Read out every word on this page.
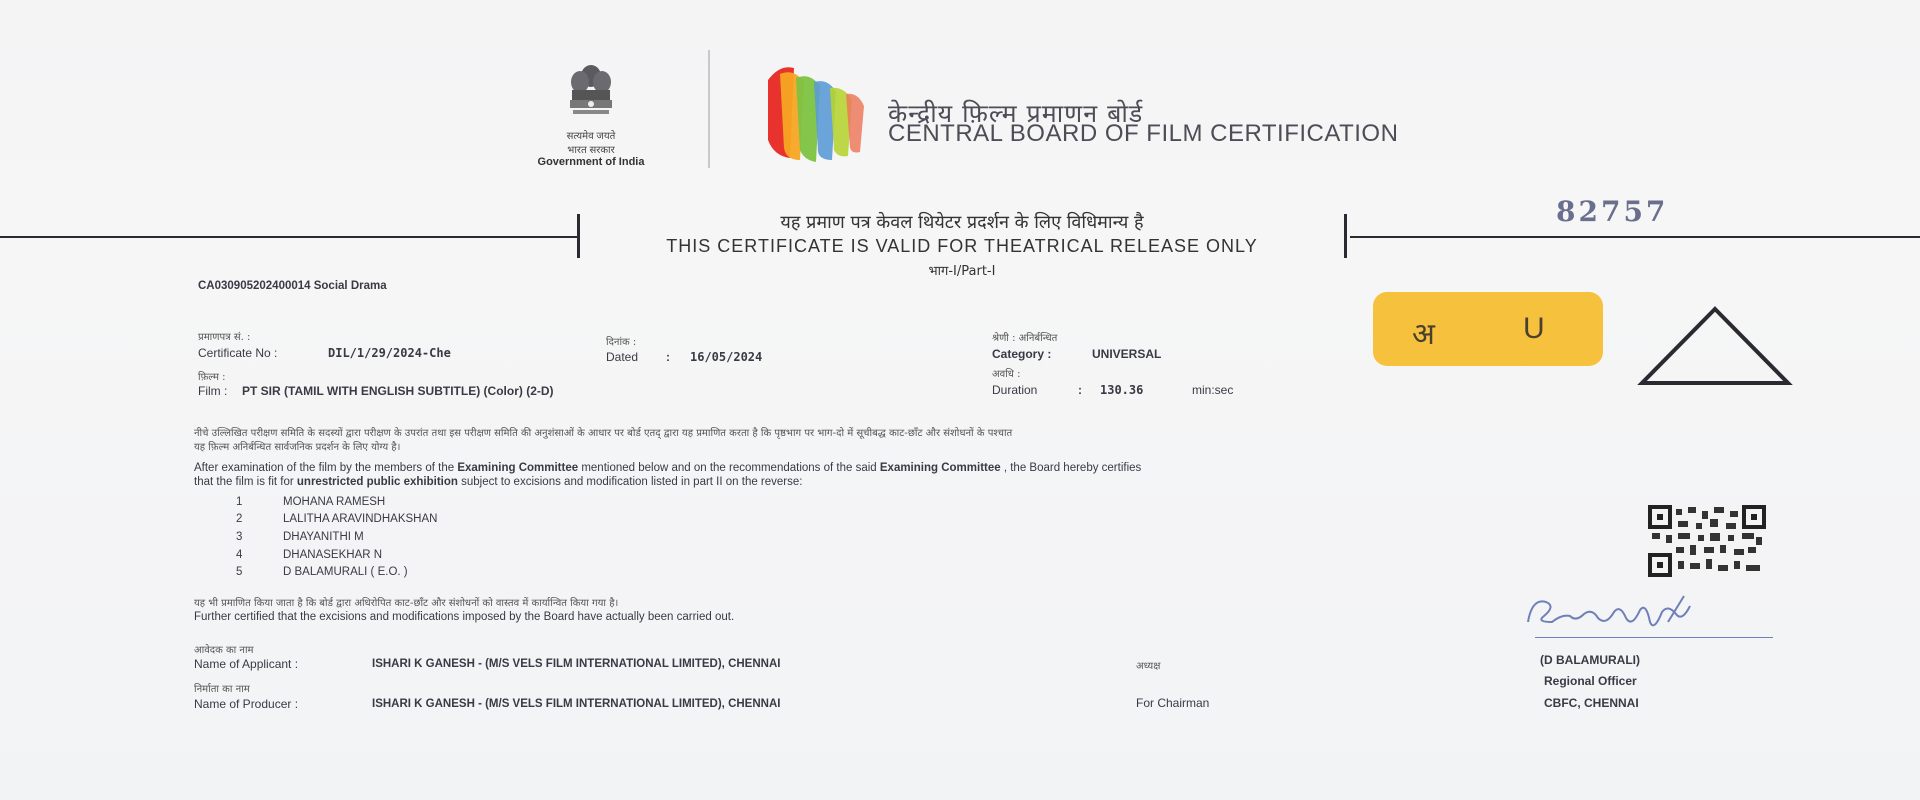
सत्यमेव जयते
भारत सरकार
Government of India
केन्द्रीय फ़िल्म प्रमाणन बोर्ड
CENTRAL BOARD OF FILM CERTIFICATION
82757
यह प्रमाण पत्र केवल थियेटर प्रदर्शन के लिए विधिमान्य है
THIS CERTIFICATE IS VALID FOR THEATRICAL RELEASE ONLY
भाग-I/Part-I
CA030905202400014 Social Drama
प्रमाणपत्र सं. :
Certificate No :	DIL/1/29/2024-Che
दिनांक :
Dated : 16/05/2024
श्रेणी : अनिर्बन्धित
Category :	UNIVERSAL
फ़िल्म :
Film : PT SIR (TAMIL WITH ENGLISH SUBTITLE) (Color) (2-D)
अवधि :
Duration	: 130.36	min:sec
अ	U
नीचे उल्लिखित परीक्षण समिति के सदस्यों द्वारा परीक्षण के उपरांत तथा इस परीक्षण समिति की अनुशंसाओं के आधार पर बोर्ड एतद् द्वारा यह प्रमाणित करता है कि पृष्ठभाग पर भाग-दो में सूचीबद्ध काट-छाँट और संशोधनों के पश्चात
यह फ़िल्म अनिर्बन्धित सार्वजनिक प्रदर्शन के लिए योग्य है।
After examination of the film by the members of the Examining Committee mentioned below and on the recommendations of the said Examining Committee , the Board hereby certifies
that the film is fit for unrestricted public exhibition subject to excisions and modification listed in part II on the reverse:
1	MOHANA RAMESH
2	LALITHA ARAVINDHAKSHAN
3	DHAYANITHI M
4	DHANASEKHAR N
5	D BALAMURALI ( E.O. )
यह भी प्रमाणित किया जाता है कि बोर्ड द्वारा अधिरोपित काट-छाँट और संशोधनों को वास्तव में कार्यान्वित किया गया है।
Further certified that the excisions and modifications imposed by the Board have actually been carried out.
आवेदक का नाम
Name of Applicant :	ISHARI K GANESH - (M/S VELS FILM INTERNATIONAL LIMITED), CHENNAI	अध्यक्ष
निर्माता का नाम
Name of Producer :	ISHARI K GANESH - (M/S VELS FILM INTERNATIONAL LIMITED), CHENNAI	For Chairman
(D BALAMURALI)
Regional Officer
CBFC, CHENNAI
